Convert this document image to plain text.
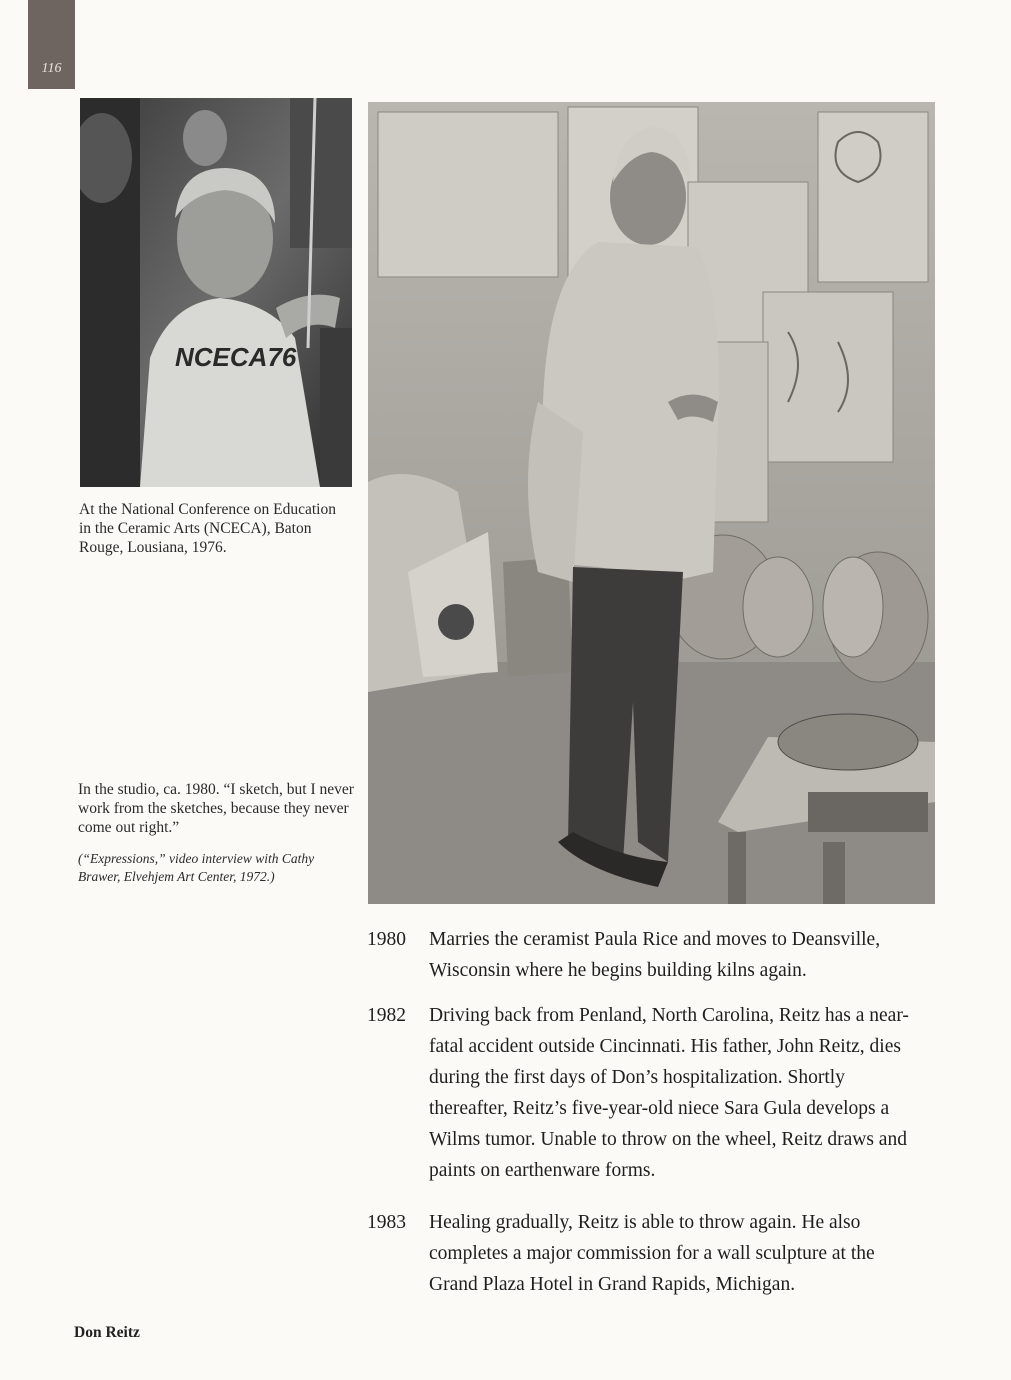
116
NCECA76
At the National Conference on Education in the Ceramic Arts (NCECA), Baton Rouge, Lousiana, 1976.
In the studio, ca. 1980. “I sketch, but I never work from the sketches, because they never come out right.”
(“Expressions,” video interview with Cathy Brawer, Elvehjem Art Center, 1972.)
1980	Marries the ceramist Paula Rice and moves to Deansville, Wisconsin where he begins building kilns again.
1982	Driving back from Penland, North Carolina, Reitz has a near-fatal accident outside Cincinnati. His father, John Reitz, dies during the first days of Don’s hospitalization. Shortly thereafter, Reitz’s five-year-old niece Sara Gula develops a Wilms tumor. Unable to throw on the wheel, Reitz draws and paints on earthenware forms.
1983	Healing gradually, Reitz is able to throw again. He also completes a major commission for a wall sculpture at the Grand Plaza Hotel in Grand Rapids, Michigan.
Don Reitz
